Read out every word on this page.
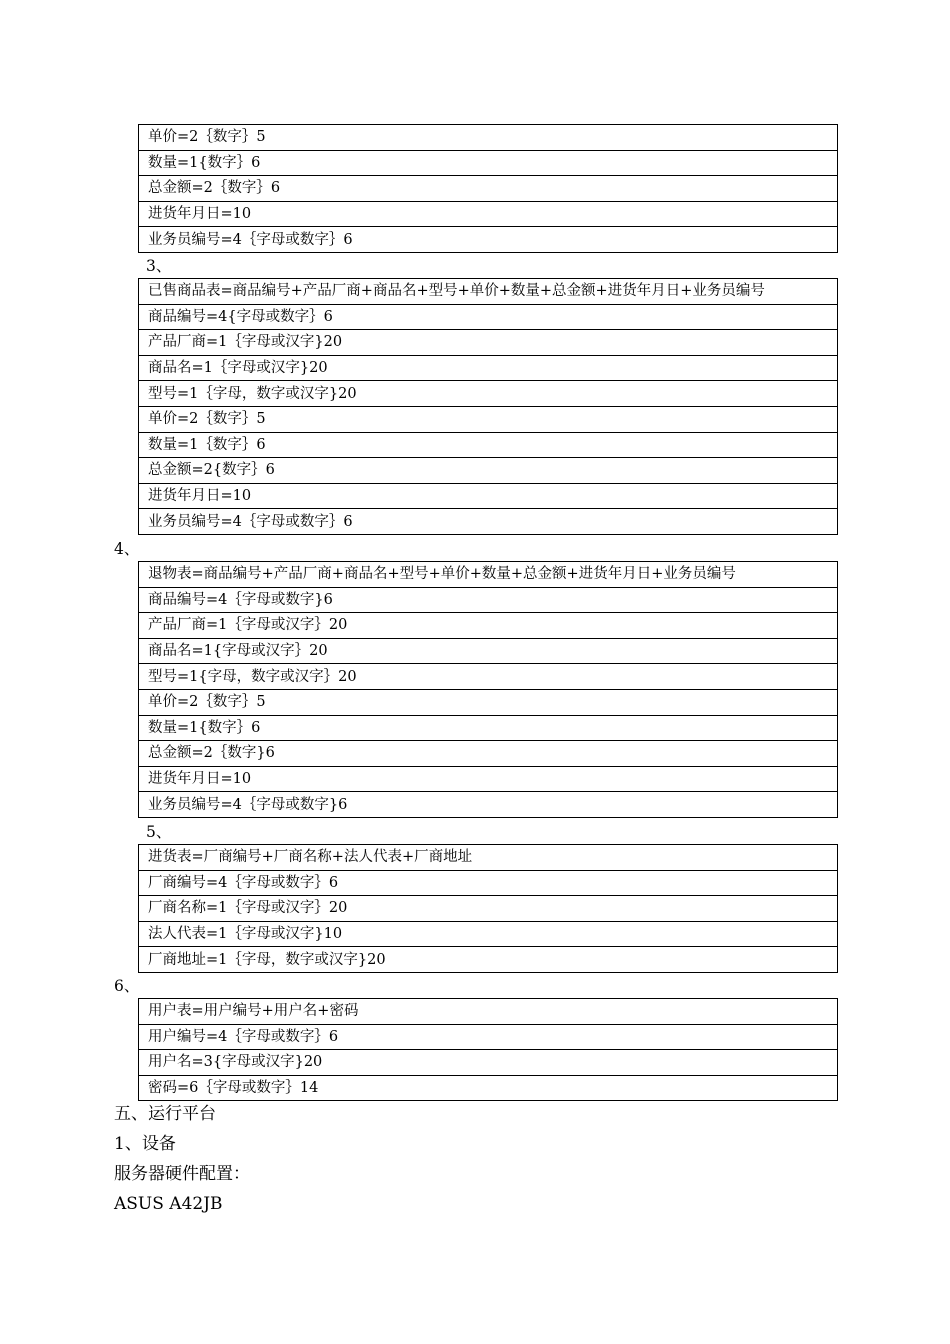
单价=2｛数字｝5
数量=1{数字｝6
总金额=2｛数字｝6
进货年月日=10
业务员编号=4｛字母或数字｝6
3、
已售商品表=商品编号+产品厂商+商品名+型号+单价+数量+总金额+进货年月日+业务员编号
商品编号=4{字母或数字｝6
产品厂商=1｛字母或汉字}20
商品名=1｛字母或汉字}20
型号=1｛字母，数字或汉字}20
单价=2｛数字｝5
数量=1｛数字｝6
总金额=2{数字｝6
进货年月日=10
业务员编号=4｛字母或数字｝6
4、
退物表=商品编号+产品厂商+商品名+型号+单价+数量+总金额+进货年月日+业务员编号
商品编号=4｛字母或数字}6
产品厂商=1｛字母或汉字｝20
商品名=1{字母或汉字｝20
型号=1{字母，数字或汉字｝20
单价=2｛数字｝5
数量=1{数字｝6
总金额=2｛数字}6
进货年月日=10
业务员编号=4｛字母或数字}6
5、
进货表=厂商编号+厂商名称+法人代表+厂商地址
厂商编号=4｛字母或数字｝6
厂商名称=1｛字母或汉字｝20
法人代表=1｛字母或汉字}10
厂商地址=1｛字母，数字或汉字}20
6、
用户表=用户编号+用户名+密码
用户编号=4｛字母或数字｝6
用户名=3{字母或汉字}20
密码=6｛字母或数字｝14
五、运行平台
1、设备
服务器硬件配置：
ASUS A42JB
